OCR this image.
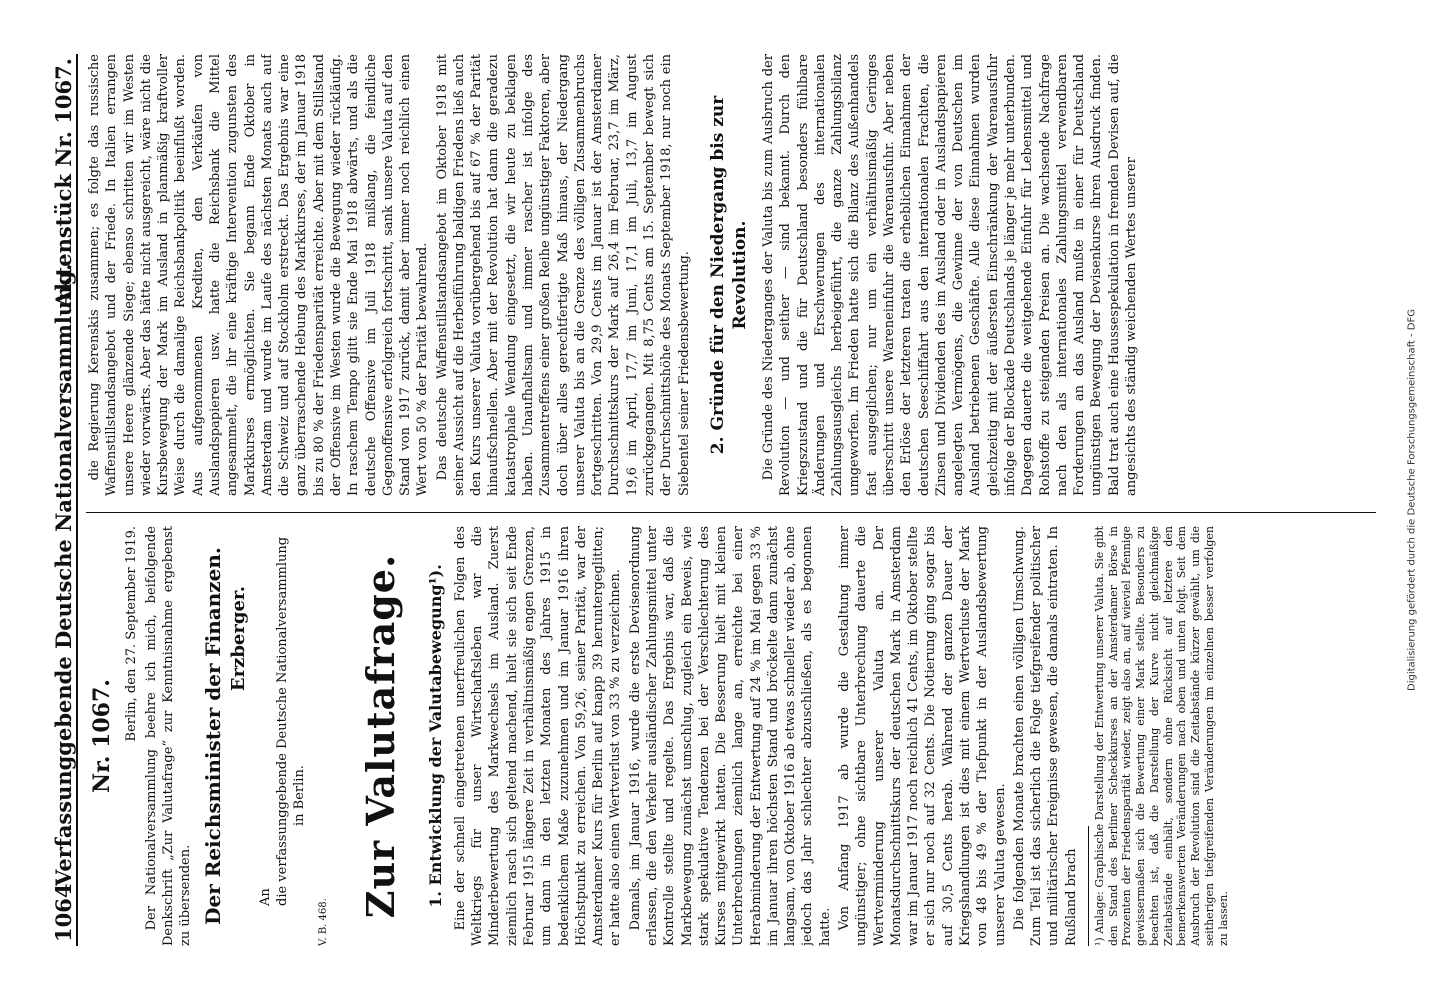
1064
Verfassunggebende Deutsche Nationalversammlung.
Aktenstück Nr. 1067.
Nr. 1067. Berlin, den 27. September 1919. Der Nationalversammlung beehre ich mich, beifolgende Denkschrift „Zur Valutafrage“ zur Kenntnisnahme ergebenst zu übersenden. Der Reichsminister der Finanzen. Erzberger.

An die verfassunggebende Deutsche Nationalversammlung in Berlin.

V. B. 468.

Zur Valutafrage. 1. Entwicklung der Valutabewegung¹). Eine der schnell eingetretenen unerfreulichen Folgen des Weltkriegs für unser Wirtschaftsleben war die Minderbewertung des Markwechsels im Ausland. Zuerst ziemlich rasch sich geltend machend, hielt sie sich seit Ende Februar 1915 längere Zeit in verhältnismäßig engen Grenzen, um dann in den letzten Monaten des Jahres 1915 in bedenklichem Maße zuzunehmen und im Januar 1916 ihren Höchstpunkt zu erreichen. Von 59,26, seiner Parität, war der Amsterdamer Kurs für Berlin auf knapp 39 heruntergeglitten; er hatte also einen Wertverlust von 33 % zu verzeichnen. Damals, im Januar 1916, wurde die erste Devisenordnung erlassen, die den Verkehr ausländischer Zahlungsmittel unter Kontrolle stellte und regelte. Das Ergebnis war, daß die Markbewegung zunächst umschlug, zugleich ein Beweis, wie stark spekulative Tendenzen bei der Verschlechterung des Kurses mitgewirkt hatten. Die Besserung hielt mit kleinen Unterbrechungen ziemlich lange an, erreichte bei einer Herabminderung der Entwertung auf 24 % im Mai gegen 33 % im Januar ihren höchsten Stand und bröckelte dann zunächst langsam, von Oktober 1916 ab etwas schneller wieder ab, ohne jedoch das Jahr schlechter abzuschließen, als es begonnen hatte. Von Anfang 1917 ab wurde die Gestaltung immer ungünstiger; ohne sichtbare Unterbrechung dauerte die Wertverminderung unserer Valuta an. Der Monatsdurchschnittskurs der deutschen Mark in Amsterdam war im Januar 1917 noch reichlich 41 Cents, im Oktober stellte er sich nur noch auf 32 Cents. Die Notierung ging sogar bis auf 30,5 Cents herab. Während der ganzen Dauer der Kriegshandlungen ist dies mit einem Wertverluste der Mark von 48 bis 49 % der Tiefpunkt in der Auslandsbewertung unserer Valuta gewesen. Die folgenden Monate brachten einen völligen Umschwung. Zum Teil ist das sicherlich die Folge tiefgreifender politischer und militärischer Ereignisse gewesen, die damals eintraten. In Rußland brach ¹) Anlage: Graphische Darstellung der Entwertung unserer Valuta. Sie gibt den Stand des Berliner Scheckkurses an der Amsterdamer Börse in Prozenten der Friedensparität wieder, zeigt also an, auf wieviel Pfennige gewissermaßen sich die Bewertung einer Mark stellte. Besonders zu beachten ist, daß die Darstellung der Kurve nicht gleichmäßige Zeitabstände einhält, sondern ohne Rücksicht auf letztere den bemerkenswerten Veränderungen nach oben und unten folgt. Seit dem Ausbruch der Revolution sind die Zeitabstände kürzer gewählt, um die seitherigen tiefgreifenden Veränderungen im einzelnen besser verfolgen zu lassen.

die Regierung Kerenskis zusammen; es folgte das russische Waffenstillstandsangebot und der Friede. In Italien errangen unsere Heere glänzende Siege; ebenso schritten wir im Westen wieder vorwärts. Aber das hätte nicht ausgereicht, wäre nicht die Kursbewegung der Mark im Ausland in planmäßig kraftvoller Weise durch die damalige Reichsbankpolitik beeinflußt worden. Aus aufgenommenen Krediten, den Verkäufen von Auslandspapieren usw. hatte die Reichsbank die Mittel angesammelt, die ihr eine kräftige Intervention zugunsten des Markkurses ermöglichten. Sie begann Ende Oktober in Amsterdam und wurde im Laufe des nächsten Monats auch auf die Schweiz und auf Stockholm erstreckt. Das Ergebnis war eine ganz überraschende Hebung des Markkurses, der im Januar 1918 bis zu 80 % der Friedensparität erreichte. Aber mit dem Stillstand der Offensive im Westen wurde die Bewegung wieder rückläufig. In raschem Tempo glitt sie Ende Mai 1918 abwärts, und als die deutsche Offensive im Juli 1918 mißlang, die feindliche Gegenoffensive erfolgreich fortschritt, sank unsere Valuta auf den Stand von 1917 zurück, damit aber immer noch reichlich einen Wert von 50 % der Parität bewahrend. Das deutsche Waffenstillstandsangebot im Oktober 1918 mit seiner Aussicht auf die Herbeiführung baldigen Friedens ließ auch den Kurs unserer Valuta vorübergehend bis auf 67 % der Parität hinaufschnellen. Aber mit der Revolution hat dann die geradezu katastrophale Wendung eingesetzt, die wir heute zu beklagen haben. Unaufhaltsam und immer rascher ist infolge des Zusammentreffens einer großen Reihe ungünstiger Faktoren, aber doch über alles gerechtfertigte Maß hinaus, der Niedergang unserer Valuta bis an die Grenze des völligen Zusammenbruchs fortgeschritten. Von 29,9 Cents im Januar ist der Amsterdamer Durchschnittskurs der Mark auf 26,4 im Februar, 23,7 im März, 19,6 im April, 17,7 im Juni, 17,1 im Juli, 13,7 im August zurückgegangen. Mit 8,75 Cents am 15. September bewegt sich der Durchschnittshöhe des Monats September 1918, nur noch ein Siebentel seiner Friedensbewertung. 2. Gründe für den Niedergang bis zur Revolution. Die Gründe des Niederganges der Valuta bis zum Ausbruch der Revolution — und seither — sind bekannt. Durch den Kriegszustand und die für Deutschland besonders fühlbare Änderungen und Erschwerungen des internationalen Zahlungsausgleichs herbeigeführt, die ganze Zahlungsbilanz umgeworfen. Im Frieden hatte sich die Bilanz des Außenhandels fast ausgeglichen; nur um ein verhältnismäßig Geringes überschritt unsere Wareneinfuhr die Warenausfuhr. Aber neben den Erlöse der letzteren traten die erheblichen Einnahmen der deutschen Seeschiffahrt aus den internationalen Frachten, die Zinsen und Dividenden des im Ausland oder in Auslandspapieren angelegten Vermögens, die Gewinne der von Deutschen im Ausland betriebenen Geschäfte. Alle diese Einnahmen wurden gleichzeitig mit der äußersten Einschränkung der Warenausfuhr infolge der Blockade Deutschlands je länger je mehr unterbunden. Dagegen dauerte die weitgehende Einfuhr für Lebensmittel und Rohstoffe zu steigenden Preisen an. Die wachsende Nachfrage nach den als internationales Zahlungsmittel verwendbaren Forderungen an das Ausland mußte in einer für Deutschland ungünstigen Bewegung der Devisenkurse ihren Ausdruck finden. Bald trat auch eine Haussespekulation in fremden Devisen auf, die angesichts des ständig weichenden Wertes unserer	Digitalisierung gefördert durch die Deutsche Forschungsgemeinschaft - DFG
